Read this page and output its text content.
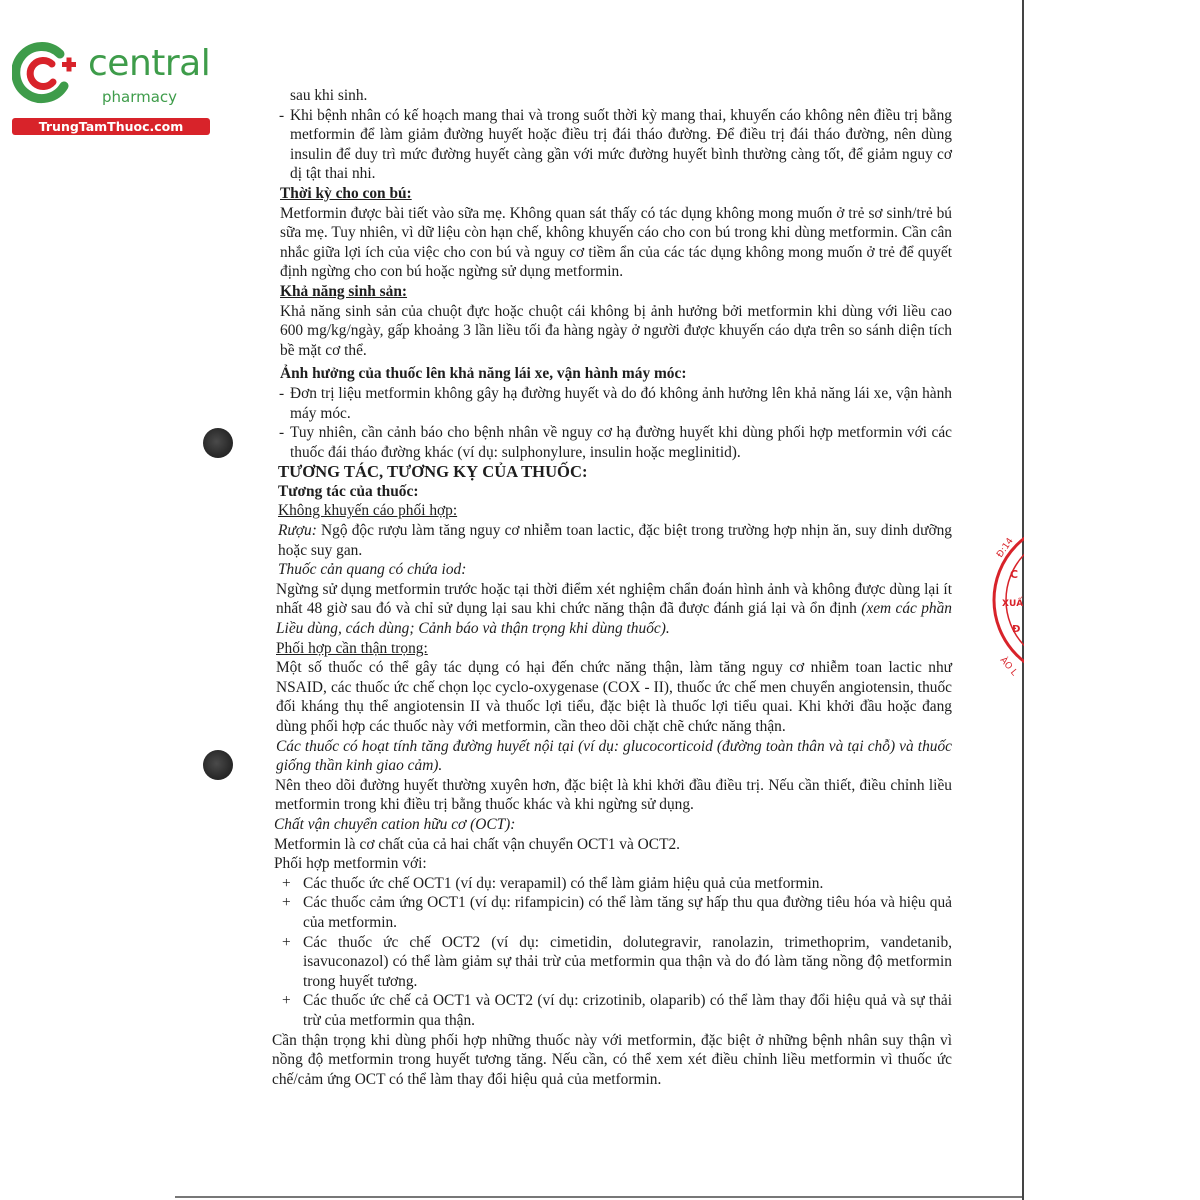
central
pharmacy
TrungTamThuoc.com
Đ:14
C
XUẤ
Đ
ÀO L

sau khi sinh.

- Khi bệnh nhân có kế hoạch mang thai và trong suốt thời kỳ mang thai, khuyến cáo không nên điều trị bằng metformin để làm giảm đường huyết hoặc điều trị đái tháo đường. Để điều trị đái tháo đường, nên dùng insulin để duy trì mức đường huyết càng gần với mức đường huyết bình thường càng tốt, để giảm nguy cơ dị tật thai nhi.

Thời kỳ cho con bú:

Metformin được bài tiết vào sữa mẹ. Không quan sát thấy có tác dụng không mong muốn ở trẻ sơ sinh/trẻ bú sữa mẹ. Tuy nhiên, vì dữ liệu còn hạn chế, không khuyến cáo cho con bú trong khi dùng metformin. Cần cân nhắc giữa lợi ích của việc cho con bú và nguy cơ tiềm ẩn của các tác dụng không mong muốn ở trẻ để quyết định ngừng cho con bú hoặc ngừng sử dụng metformin.

Khả năng sinh sản:

Khả năng sinh sản của chuột đực hoặc chuột cái không bị ảnh hưởng bởi metformin khi dùng với liều cao 600 mg/kg/ngày, gấp khoảng 3 lần liều tối đa hàng ngày ở người được khuyến cáo dựa trên so sánh diện tích bề mặt cơ thể.

Ảnh hưởng của thuốc lên khả năng lái xe, vận hành máy móc:

- Đơn trị liệu metformin không gây hạ đường huyết và do đó không ảnh hưởng lên khả năng lái xe, vận hành máy móc.

- Tuy nhiên, cần cảnh báo cho bệnh nhân về nguy cơ hạ đường huyết khi dùng phối hợp metformin với các thuốc đái tháo đường khác (ví dụ: sulphonylure, insulin hoặc meglinitid).

TƯƠNG TÁC, TƯƠNG KỴ CỦA THUỐC:

Tương tác của thuốc:

Không khuyến cáo phối hợp:

Rượu: Ngộ độc rượu làm tăng nguy cơ nhiễm toan lactic, đặc biệt trong trường hợp nhịn ăn, suy dinh dưỡng hoặc suy gan.

Thuốc cản quang có chứa iod:

Ngừng sử dụng metformin trước hoặc tại thời điểm xét nghiệm chẩn đoán hình ảnh và không được dùng lại ít nhất 48 giờ sau đó và chỉ sử dụng lại sau khi chức năng thận đã được đánh giá lại và ổn định (xem các phần Liều dùng, cách dùng; Cảnh báo và thận trọng khi dùng thuốc).

Phối hợp cần thận trọng:

Một số thuốc có thể gây tác dụng có hại đến chức năng thận, làm tăng nguy cơ nhiễm toan lactic như NSAID, các thuốc ức chế chọn lọc cyclo-oxygenase (COX - II), thuốc ức chế men chuyển angiotensin, thuốc đối kháng thụ thể angiotensin II và thuốc lợi tiểu, đặc biệt là thuốc lợi tiểu quai. Khi khởi đầu hoặc đang dùng phối hợp các thuốc này với metformin, cần theo dõi chặt chẽ chức năng thận.

Các thuốc có hoạt tính tăng đường huyết nội tại (ví dụ: glucocorticoid (đường toàn thân và tại chỗ) và thuốc giống thần kinh giao cảm).

Nên theo dõi đường huyết thường xuyên hơn, đặc biệt là khi khởi đầu điều trị. Nếu cần thiết, điều chỉnh liều metformin trong khi điều trị bằng thuốc khác và khi ngừng sử dụng.

Chất vận chuyển cation hữu cơ (OCT):

Metformin là cơ chất của cả hai chất vận chuyển OCT1 và OCT2.

Phối hợp metformin với:

+ Các thuốc ức chế OCT1 (ví dụ: verapamil) có thể làm giảm hiệu quả của metformin.

+ Các thuốc cảm ứng OCT1 (ví dụ: rifampicin) có thể làm tăng sự hấp thu qua đường tiêu hóa và hiệu quả của metformin.

+ Các thuốc ức chế OCT2 (ví dụ: cimetidin, dolutegravir, ranolazin, trimethoprim, vandetanib, isavuconazol) có thể làm giảm sự thải trừ của metformin qua thận và do đó làm tăng nồng độ metformin trong huyết tương.

+ Các thuốc ức chế cả OCT1 và OCT2 (ví dụ: crizotinib, olaparib) có thể làm thay đổi hiệu quả và sự thải trừ của metformin qua thận.

Cần thận trọng khi dùng phối hợp những thuốc này với metformin, đặc biệt ở những bệnh nhân suy thận vì nồng độ metformin trong huyết tương tăng. Nếu cần, có thể xem xét điều chỉnh liều metformin vì thuốc ức chế/cảm ứng OCT có thể làm thay đổi hiệu quả của metformin.
